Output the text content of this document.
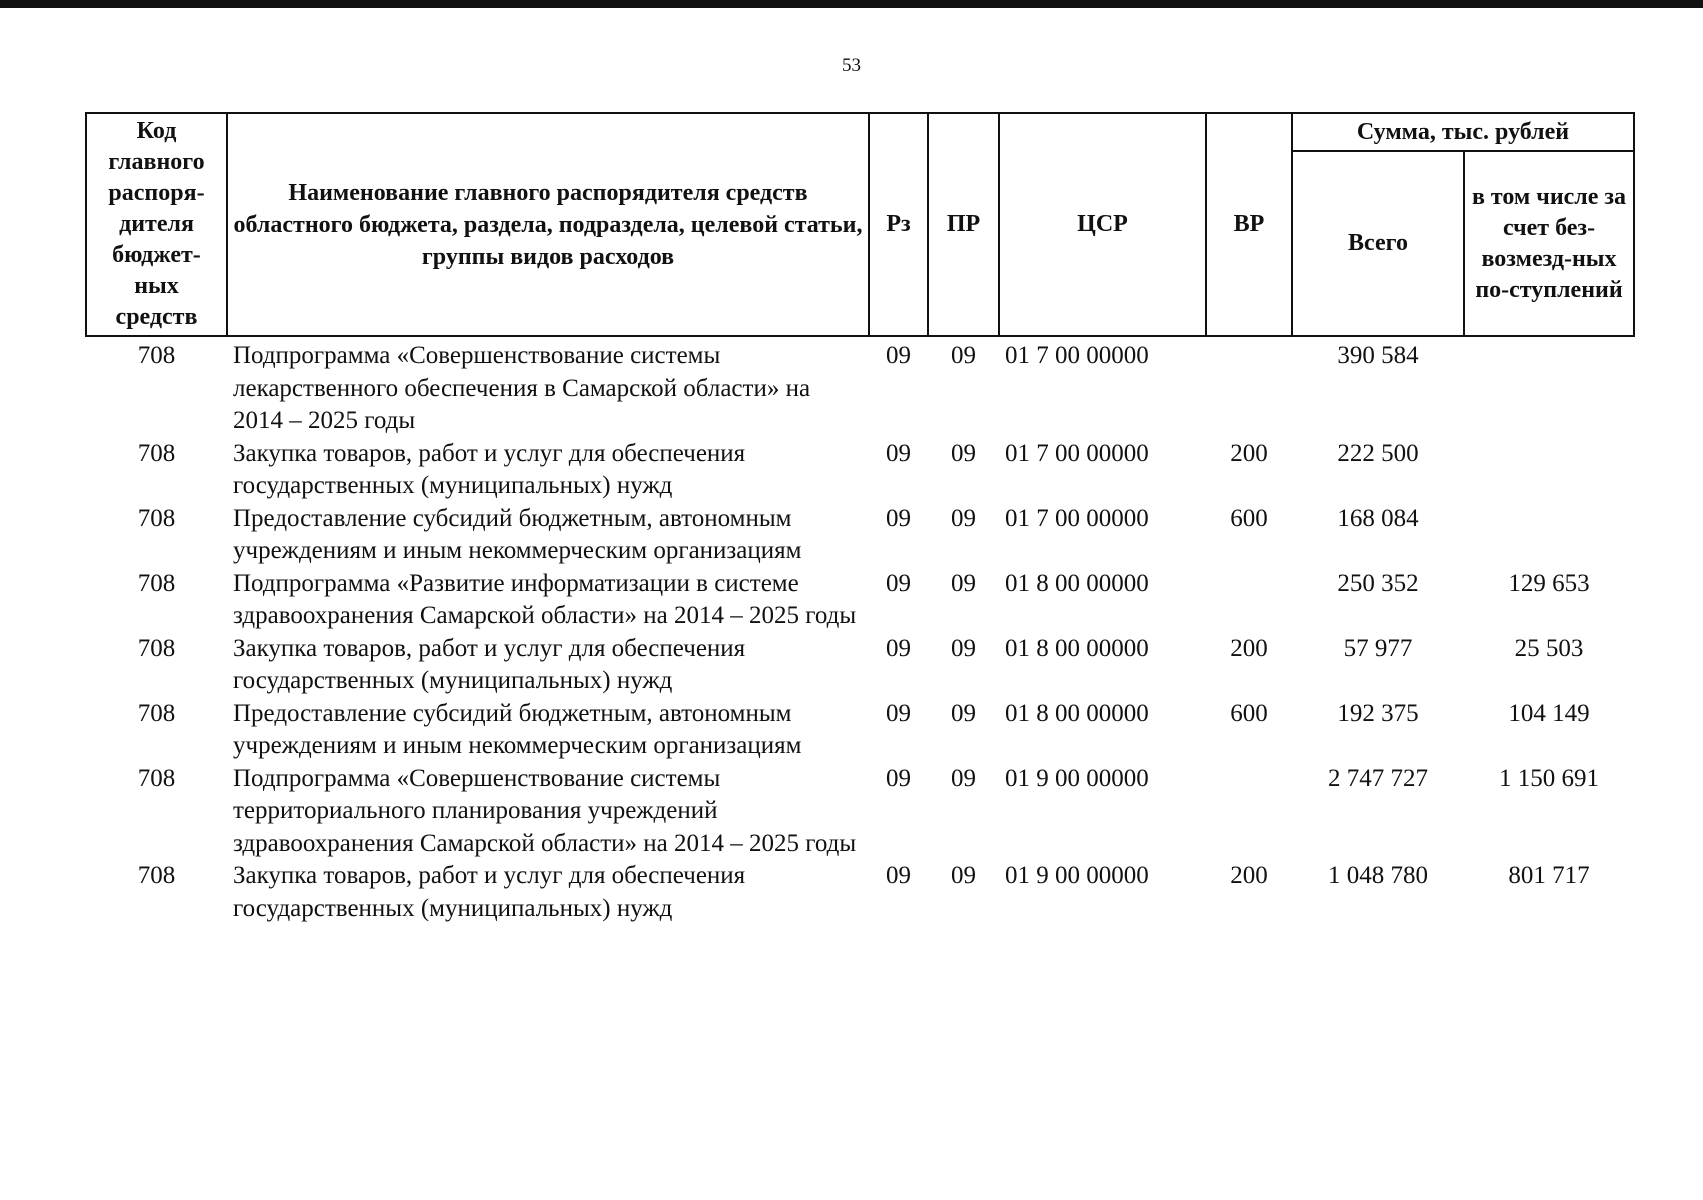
53
Код главного распоря-дителя бюджет-ных средств	Наименование главного распорядителя средств областного бюджета, раздела, подраздела, целевой статьи, группы видов расходов	Рз	ПР	ЦСР	ВР	Сумма, тыс. рублей	
						Всего	в том числе за счет без-возмезд-ных по-ступлений
708	Подпрограмма «Совершенствование системы лекарственного обеспечения в Самарской области» на 2014 – 2025 годы	09	09	01 7 00 00000		390 584	
708	Закупка товаров, работ и услуг для обеспечения государственных (муниципальных) нужд	09	09	01 7 00 00000	200	222 500	
708	Предоставление субсидий бюджетным, автономным учреждениям и иным некоммерческим организациям	09	09	01 7 00 00000	600	168 084	
708	Подпрограмма «Развитие информатизации в системе здравоохранения Самарской области» на 2014 – 2025 годы	09	09	01 8 00 00000		250 352	129 653
708	Закупка товаров, работ и услуг для обеспечения государственных (муниципальных) нужд	09	09	01 8 00 00000	200	57 977	25 503
708	Предоставление субсидий бюджетным, автономным учреждениям и иным некоммерческим организациям	09	09	01 8 00 00000	600	192 375	104 149
708	Подпрограмма «Совершенствование системы территориального планирования учреждений здравоохранения Самарской области» на 2014 – 2025 годы	09	09	01 9 00 00000		2 747 727	1 150 691
708	Закупка товаров, работ и услуг для обеспечения государственных (муниципальных) нужд	09	09	01 9 00 00000	200	1 048 780	801 717
